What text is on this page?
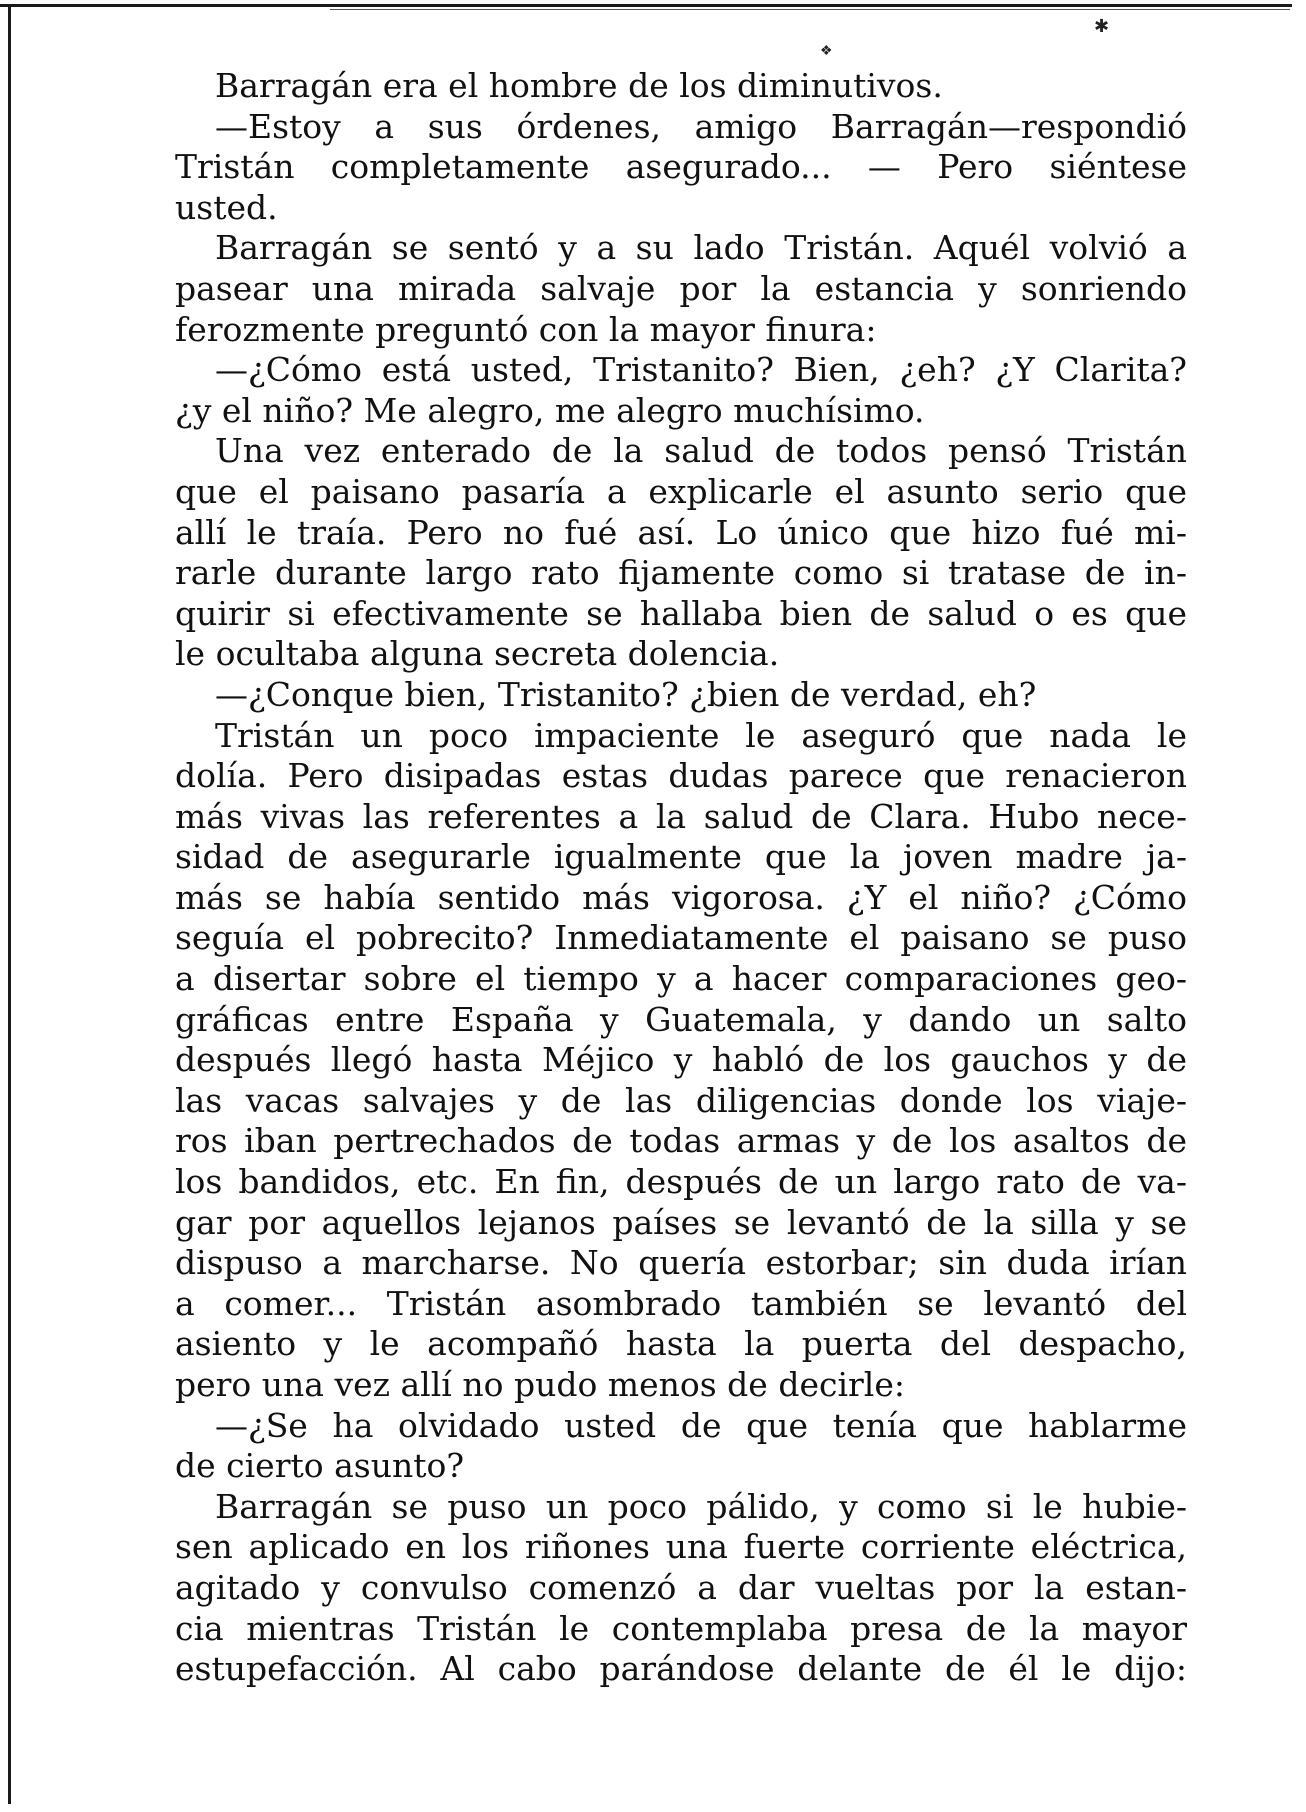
✱
❖
Barragán era el hombre de los diminutivos.
—Estoy a sus órdenes, amigo Barragán—respondió
Tristán completamente asegurado... — Pero siéntese
usted.
Barragán se sentó y a su lado Tristán. Aquél volvió a
pasear una mirada salvaje por la estancia y sonriendo
ferozmente preguntó con la mayor finura:
—¿Cómo está usted, Tristanito? Bien, ¿eh? ¿Y Clarita?
¿y el niño? Me alegro, me alegro muchísimo.
Una vez enterado de la salud de todos pensó Tristán
que el paisano pasaría a explicarle el asunto serio que
allí le traía. Pero no fué así. Lo único que hizo fué mi-
rarle durante largo rato fijamente como si tratase de in-
quirir si efectivamente se hallaba bien de salud o es que
le ocultaba alguna secreta dolencia.
—¿Conque bien, Tristanito? ¿bien de verdad, eh?
Tristán un poco impaciente le aseguró que nada le
dolía. Pero disipadas estas dudas parece que renacieron
más vivas las referentes a la salud de Clara. Hubo nece-
sidad de asegurarle igualmente que la joven madre ja-
más se había sentido más vigorosa. ¿Y el niño? ¿Cómo
seguía el pobrecito? Inmediatamente el paisano se puso
a disertar sobre el tiempo y a hacer comparaciones geo-
gráficas entre España y Guatemala, y dando un salto
después llegó hasta Méjico y habló de los gauchos y de
las vacas salvajes y de las diligencias donde los viaje-
ros iban pertrechados de todas armas y de los asaltos de
los bandidos, etc. En fin, después de un largo rato de va-
gar por aquellos lejanos países se levantó de la silla y se
dispuso a marcharse. No quería estorbar; sin duda irían
a comer... Tristán asombrado también se levantó del
asiento y le acompañó hasta la puerta del despacho,
pero una vez allí no pudo menos de decirle:
—¿Se ha olvidado usted de que tenía que hablarme
de cierto asunto?
Barragán se puso un poco pálido, y como si le hubie-
sen aplicado en los riñones una fuerte corriente eléctrica,
agitado y convulso comenzó a dar vueltas por la estan-
cia mientras Tristán le contemplaba presa de la mayor
estupefacción. Al cabo parándose delante de él le dijo:
